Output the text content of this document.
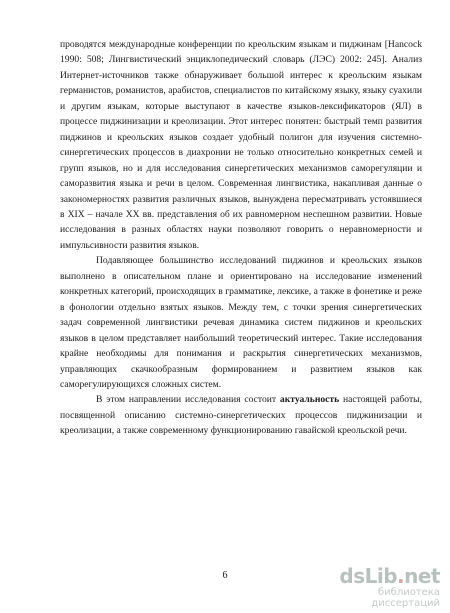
проводятся международные конференции по креольским языкам и пиджинам [Hancock 1990: 508; Лингвистический энциклопедический словарь (ЛЭС) 2002: 245]. Анализ Интернет-источников также обнаруживает большой интерес к креольским языкам германистов, романистов, арабистов, специалистов по китайскому языку, языку суахили и другим языкам, которые выступают в качестве языков-лексификаторов (ЯЛ) в процессе пиджинизации и креолизации. Этот интерес понятен: быстрый темп развития пиджинов и креольских языков создает удобный полигон для изучения системно-синергетических процессов в диахронии не только относительно конкретных семей и групп языков, но и для исследования синергетических механизмов саморегуляции и саморазвития языка и речи в целом. Современная лингвистика, накапливая данные о закономерностях развития различных языков, вынуждена пересматривать устоявшиеся в XIX – начале XX вв. представления об их равномерном неспешном развитии. Новые исследования в разных областях науки позволяют говорить о неравномерности и импульсивности развития языков.

Подавляющее большинство исследований пиджинов и креольских языков выполнено в описательном плане и ориентировано на исследование изменений конкретных категорий, происходящих в грамматике, лексике, а также в фонетике и реже в фонологии отдельно взятых языков. Между тем, с точки зрения синергетических задач современной лингвистики речевая динамика систем пиджинов и креольских языков в целом представляет наибольший теоретический интерес. Такие исследования крайне необходимы для понимания и раскрытия синергетических механизмов, управляющих скачкообразным формированием и развитием языков как саморегулирующихся сложных систем.

В этом направлении исследования состоит актуальность настоящей работы, посвященной описанию системно-синергетических процессов пиджинизации и креолизации, а также современному функционированию гавайской креольской речи.

6	dsLib.net
библиотека диссертаций
